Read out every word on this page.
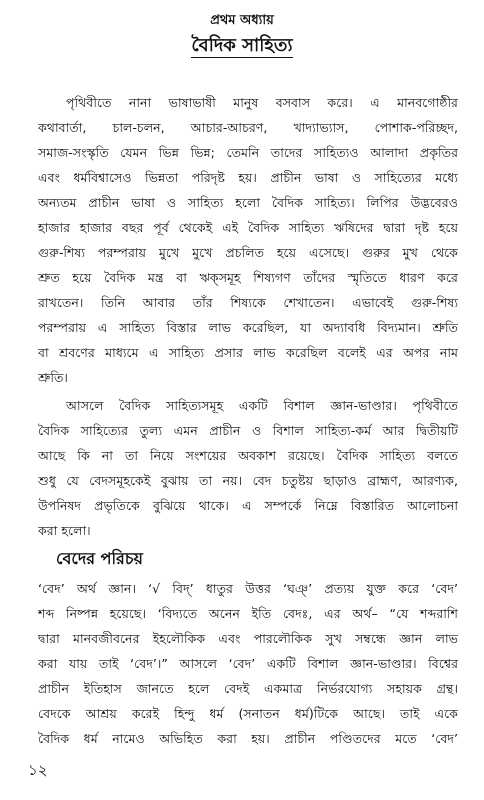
প্রথম অধ্যায়
বৈদিক সাহিত্য
পৃথিবীতে নানা ভাষাভাষী মানুষ বসবাস করে। এ মানবগোষ্ঠীর
কথাবার্তা, চাল-চলন, আচার-আচরণ, খাদ্যাভ্যাস, পোশাক-পরিচ্ছদ,
সমাজ-সংস্কৃতি যেমন ভিন্ন ভিন্ন; তেমনি তাদের সাহিত্যও আলাদা প্রকৃতির
এবং ধর্মবিশ্বাসেও ভিন্নতা পরিদৃষ্ট হয়। প্রাচীন ভাষা ও সাহিত্যের মধ্যে
অন্যতম প্রাচীন ভাষা ও সাহিত্য হলো বৈদিক সাহিত্য। লিপির উদ্ভবেরও
হাজার হাজার বছর পূর্ব থেকেই এই বৈদিক সাহিত্য ঋষিদের দ্বারা দৃষ্ট হয়ে
গুরু-শিষ্য পরম্পরায় মুখে মুখে প্রচলিত হয়ে এসেছে। গুরুর মুখ থেকে
শ্রুত হয়ে বৈদিক মন্ত্র বা ঋক্‌সমূহ শিষ্যগণ তাঁদের স্মৃতিতে ধারণ করে
রাখতেন। তিনি আবার তাঁর শিষ্যকে শেখাতেন। এভাবেই গুরু-শিষ্য
পরম্পরায় এ সাহিত্য বিস্তার লাভ করেছিল, যা অদ্যাবধি বিদ্যমান। শ্রুতি
বা শ্রবণের মাধ্যমে এ সাহিত্য প্রসার লাভ করেছিল বলেই এর অপর নাম
শ্রুতি।
আসলে বৈদিক সাহিত্যসমূহ একটি বিশাল জ্ঞান-ভাণ্ডার। পৃথিবীতে
বৈদিক সাহিত্যের তুল্য এমন প্রাচীন ও বিশাল সাহিত্য-কর্ম আর দ্বিতীয়টি
আছে কি না তা নিয়ে সংশয়ের অবকাশ রয়েছে। বৈদিক সাহিত্য বলতে
শুধু যে বেদসমূহকেই বুঝায় তা নয়। বেদ চতুষ্টয় ছাড়াও ব্রাহ্মণ, আরণ্যক,
উপনিষদ প্রভৃতিকে বুঝিয়ে থাকে। এ সম্পর্কে নিম্নে বিস্তারিত আলোচনা
করা হলো।
বেদের পরিচয়
‘বেদ’ অর্থ জ্ঞান। ‘√ বিদ্’ ধাতুর উত্তর ‘ঘঞ্’ প্রত্যয় যুক্ত করে ‘বেদ’
শব্দ নিষ্পন্ন হয়েছে। ‘বিদ্যতে অনেন ইতি বেদঃ, এর অর্থ– “যে শব্দরাশি
দ্বারা মানবজীবনের ইহলৌকিক এবং পারলৌকিক সুখ সম্বন্ধে জ্ঞান লাভ
করা যায় তাই ‘বেদ’।” আসলে ‘বেদ’ একটি বিশাল জ্ঞান-ভাণ্ডার। বিশ্বের
প্রাচীন ইতিহাস জানতে হলে বেদই একমাত্র নির্ভরযোগ্য সহায়ক গ্রন্থ।
বেদকে আশ্রয় করেই হিন্দু ধর্ম (সনাতন ধর্ম)টিকে আছে। তাই একে
বৈদিক ধর্ম নামেও অভিহিত করা হয়। প্রাচীন পণ্ডিতদের মতে ‘বেদ’
১২
